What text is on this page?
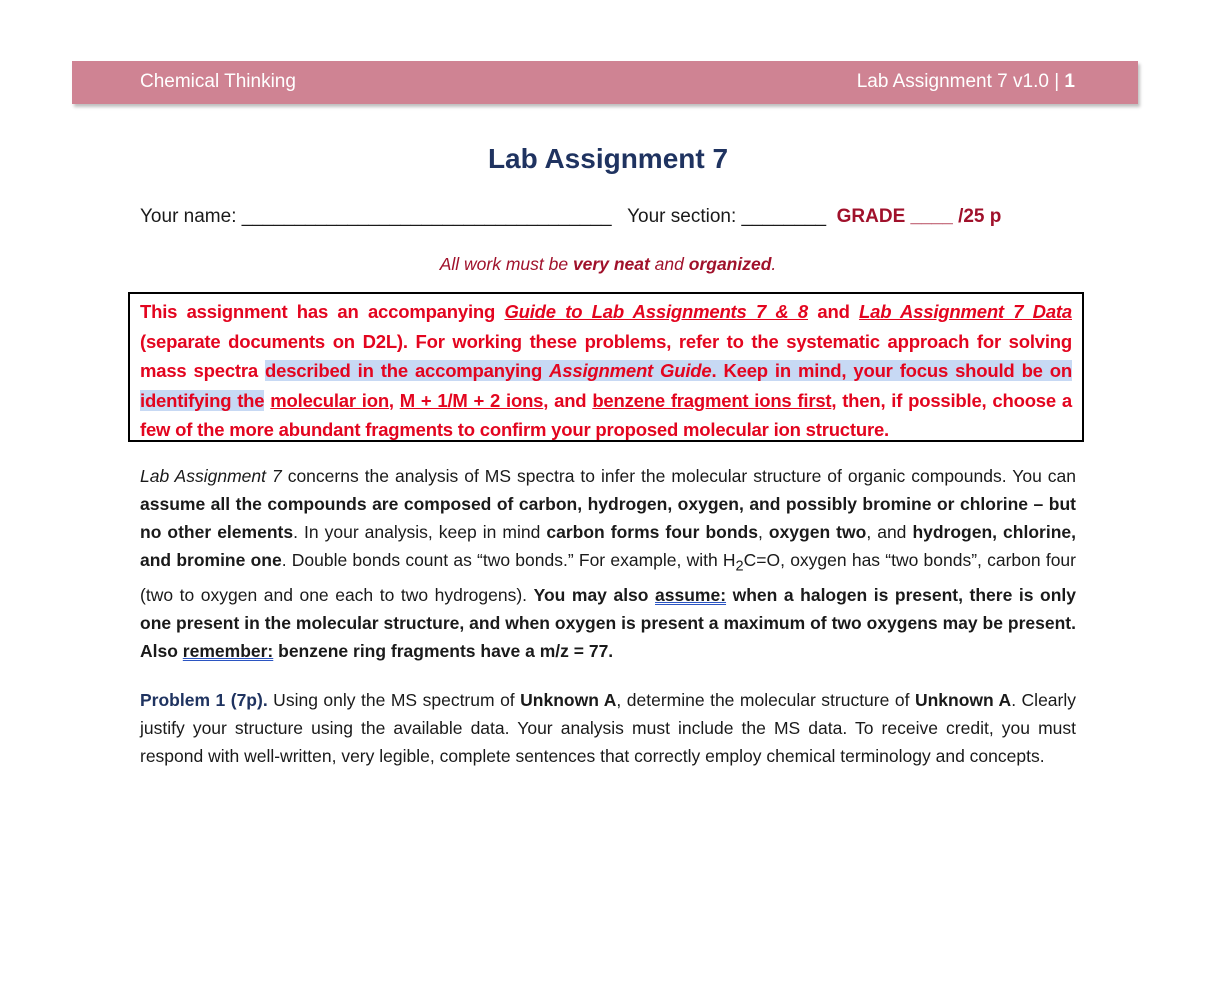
Chemical Thinking	Lab Assignment 7 v1.0 | 1
Lab Assignment 7
Your name: ___________________________________ Your section: ________ GRADE ____ /25 p
All work must be very neat and organized.
This assignment has an accompanying Guide to Lab Assignments 7 & 8 and Lab Assignment 7 Data (separate documents on D2L). For working these problems, refer to the systematic approach for solving mass spectra described in the accompanying Assignment Guide. Keep in mind, your focus should be on identifying the molecular ion, M + 1/M + 2 ions, and benzene fragment ions first, then, if possible, choose a few of the more abundant fragments to confirm your proposed molecular ion structure.
Lab Assignment 7 concerns the analysis of MS spectra to infer the molecular structure of organic compounds. You can assume all the compounds are composed of carbon, hydrogen, oxygen, and possibly bromine or chlorine – but no other elements. In your analysis, keep in mind carbon forms four bonds, oxygen two, and hydrogen, chlorine, and bromine one. Double bonds count as “two bonds.” For example, with $H_2C=O$, oxygen has “two bonds”, carbon four (two to oxygen and one each to two hydrogens). You may also assume: when a halogen is present, there is only one present in the molecular structure, and when oxygen is present a maximum of two oxygens may be present. Also remember: benzene ring fragments have a m/z = 77.
Problem 1 (7p). Using only the MS spectrum of Unknown A, determine the molecular structure of Unknown A. Clearly justify your structure using the available data. Your analysis must include the MS data. To receive credit, you must respond with well-written, very legible, complete sentences that correctly employ chemical terminology and concepts.
